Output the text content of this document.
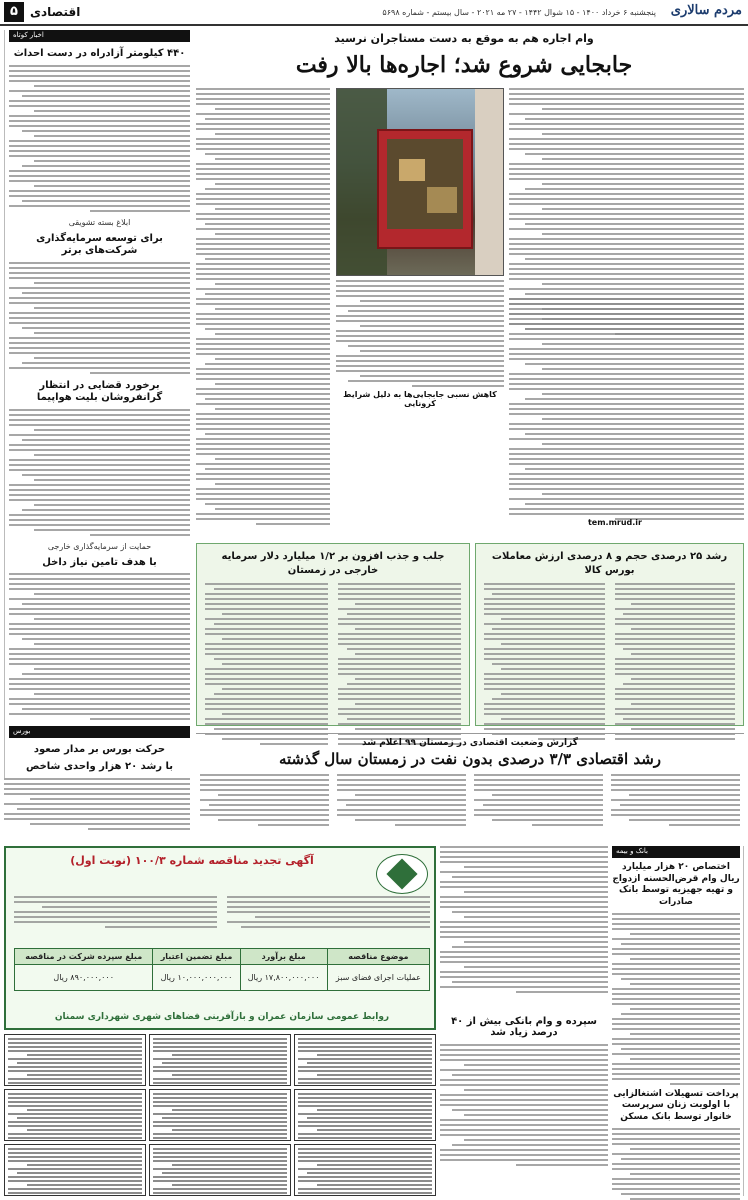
مردم سالاری
پنجشنبه ۶ خرداد ۱۴۰۰ - ۱۵ شوال ۱۴۴۲ - ۲۷ مه ۲۰۲۱ - سال بیستم - شماره ۵۶۹۸
اقتصادی
۵
اخبار کوتاه
۴۴۰ کیلومتر آزادراه در دست احداث
ابلاغ بسته تشویقی
برای توسعه سرمایه‌گذاری شرکت‌های برتر
برخورد قضایی در انتظار گرانفروشان بلیت هواپیما
حمایت از سرمایه‌گذاری خارجی
با هدف تامین نیاز داخل
بورس
حرکت بورس بر مدار صعود
با رشد ۲۰ هزار واحدی شاخص
وام اجاره هم به موقع به دست مستاجران نرسید
جابجایی شروع شد؛ اجاره‌ها بالا رفت
کاهش نسبی جابجایی‌ها به دلیل شرایط کرونایی
tem.mrud.ir
جلب و جذب افزون بر ۱/۲ میلیارد دلار سرمایه خارجی در زمستان
رشد ۲۵ درصدی حجم و ۸ درصدی ارزش معاملات بورس کالا
گزارش وضعیت اقتصادی در زمستان ۹۹ اعلام شد
رشد اقتصادی ۳/۳ درصدی بدون نفت در زمستان سال گذشته
آگهی تجدید مناقصه شماره ۱۰۰/۳ (نوبت اول)
موضوع مناقصه	مبلغ برآورد	مبلغ تضمین اعتبار	مبلغ سپرده شرکت در مناقصه
عملیات اجرای فضای سبز	۱۷,۸۰۰,۰۰۰,۰۰۰ ریال	۱۰,۰۰۰,۰۰۰,۰۰۰ ریال	۸۹۰,۰۰۰,۰۰۰ ریال
روابط عمومی سازمان عمران و بازآفرینی فضاهای شهری شهرداری سمنان	سپرده و وام بانکی بیش از ۴۰ درصد زیاد شد
بانک و بیمه
اختصاص ۲۰ هزار میلیارد ریال وام قرض‌الحسنه ازدواج و تهیه جهیزیه توسط بانک صادرات
پرداخت تسهیلات اشتغالزایی با اولویت زنان سرپرست خانوار توسط بانک مسکن
